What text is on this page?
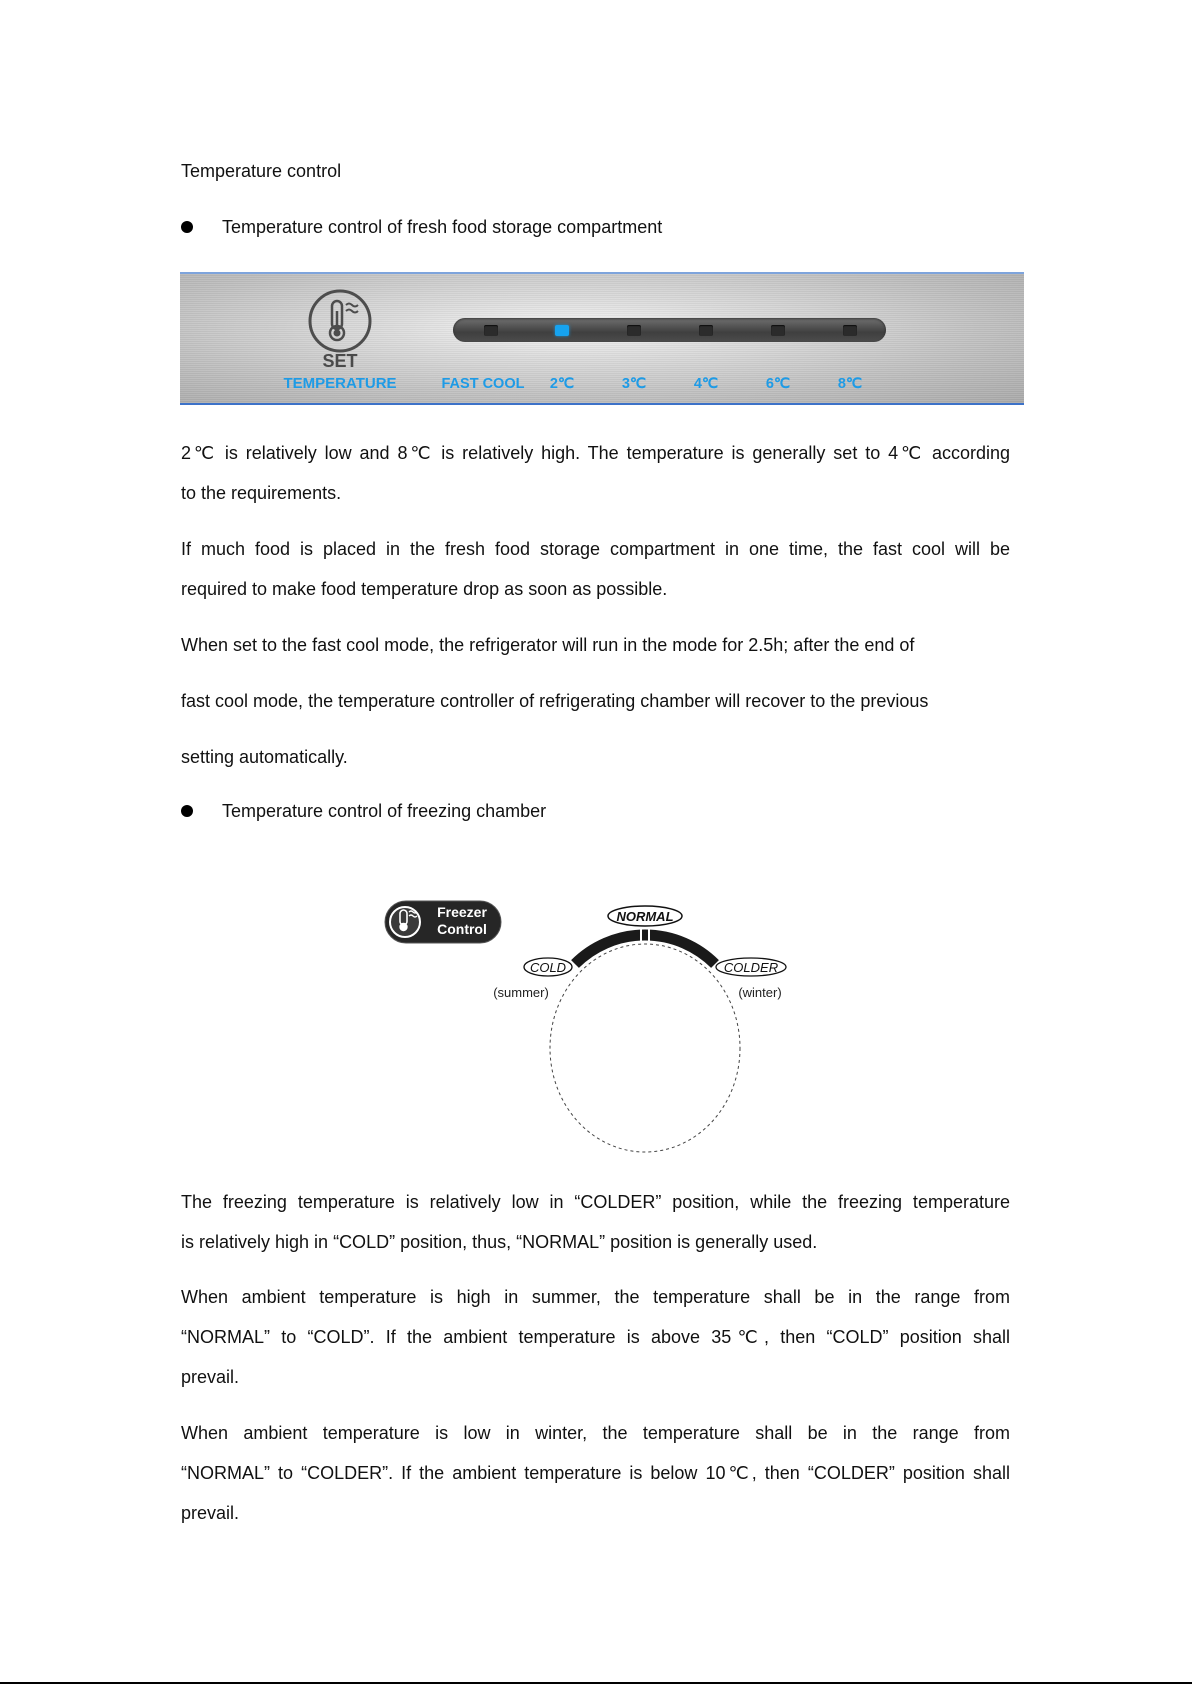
Temperature control
Temperature control of fresh food storage compartment
SET
TEMPERATURE	FAST COOL	2℃	3℃	4℃	6℃	8℃
2℃ is relatively low and 8℃ is relatively high. The temperature is generally set to 4℃ according
to the requirements.
If much food is placed in the fresh food storage compartment in one time, the fast cool will be
required to make food temperature drop as soon as possible.
When set to the fast cool mode, the refrigerator will run in the mode for 2.5h; after the end of
fast cool mode, the temperature controller of refrigerating chamber will recover to the previous
setting automatically.
Temperature control of freezing chamber
Freezer
Control
NORMAL
COLD
(summer)
COLDER
(winter)
The freezing temperature is relatively low in “COLDER” position, while the freezing temperature
is relatively high in “COLD” position, thus, “NORMAL” position is generally used.
When ambient temperature is high in summer, the temperature shall be in the range from
“NORMAL” to “COLD”. If the ambient temperature is above 35℃, then “COLD” position shall
prevail.
When ambient temperature is low in winter, the temperature shall be in the range from
“NORMAL” to “COLDER”. If the ambient temperature is below 10℃, then “COLDER” position shall
prevail.
